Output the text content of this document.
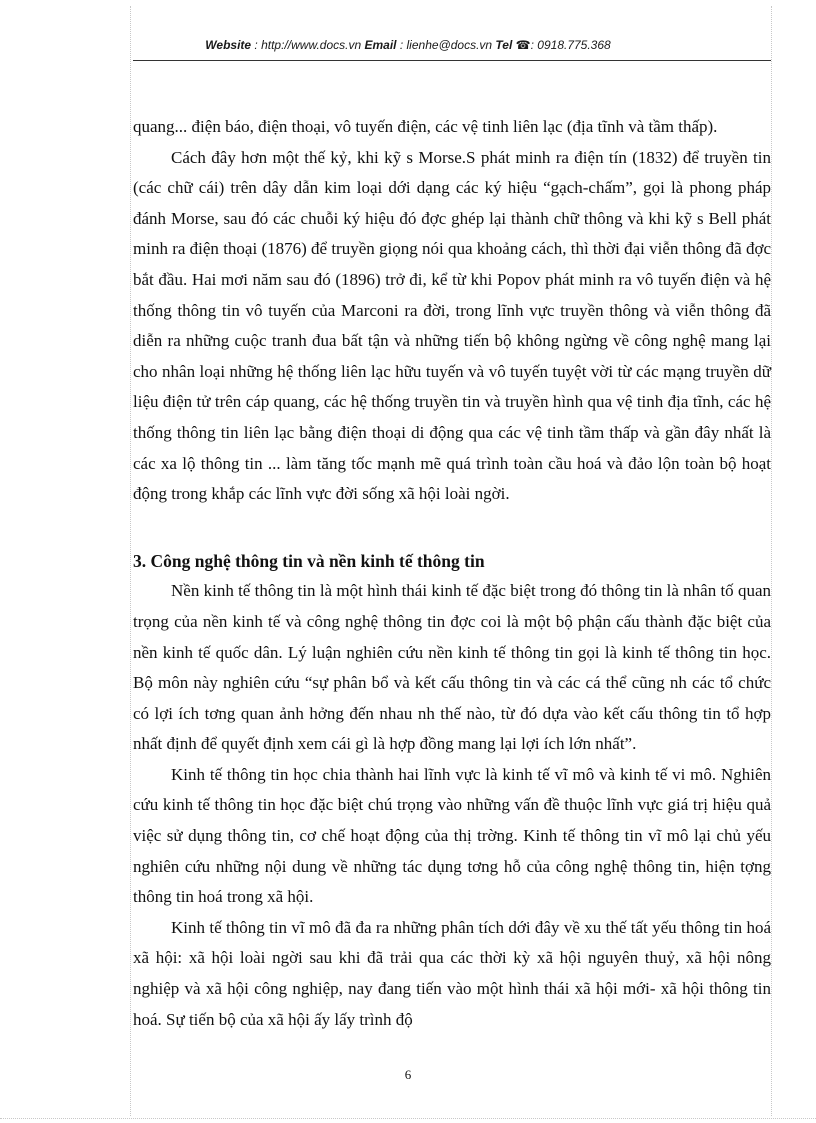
Website : http://www.docs.vn Email : lienhe@docs.vn Tel ☎: 0918.775.368

quang... điện báo, điện thoại, vô tuyến điện, các vệ tinh liên lạc (địa tĩnh và tầm thấp).

Cách đây hơn một thế kỷ, khi kỹ s Morse.S phát minh ra điện tín (1832) để truyền tin (các chữ cái) trên dây dẫn kim loại dới dạng các ký hiệu “gạch-chấm”, gọi là phong pháp đánh Morse, sau đó các chuỗi ký hiệu đó đợc ghép lại thành chữ thông và khi kỹ s Bell phát minh ra điện thoại (1876) để truyền giọng nói qua khoảng cách, thì thời đại viễn thông đã đợc bắt đầu. Hai mơi năm sau đó (1896) trở đi, kể từ khi Popov phát minh ra vô tuyến điện và hệ thống thông tin vô tuyến của Marconi ra đời, trong lĩnh vực truyền thông và viễn thông đã diễn ra những cuộc tranh đua bất tận và những tiến bộ không ngừng về công nghệ mang lại cho nhân loại những hệ thống liên lạc hữu tuyến và vô tuyến tuyệt vời từ các mạng truyền dữ liệu điện tử trên cáp quang, các hệ thống truyền tin và truyền hình qua vệ tinh địa tĩnh, các hệ thống thông tin liên lạc bằng điện thoại di động qua các vệ tinh tầm thấp và gần đây nhất là các xa lộ thông tin ... làm tăng tốc mạnh mẽ quá trình toàn cầu hoá và đảo lộn toàn bộ hoạt động trong khắp các lĩnh vực đời sống xã hội loài ngời.

3. Công nghệ thông tin và nền kinh tế thông tin

Nền kinh tế thông tin là một hình thái kinh tế đặc biệt trong đó thông tin là nhân tố quan trọng của nền kinh tế và công nghệ thông tin đợc coi là một bộ phận cấu thành đặc biệt của nền kinh tế quốc dân. Lý luận nghiên cứu nền kinh tế thông tin gọi là kinh tế thông tin học. Bộ môn này nghiên cứu “sự phân bổ và kết cấu thông tin và các cá thể cũng nh các tổ chức có lợi ích tơng quan ảnh hởng đến nhau nh thế nào, từ đó dựa vào kết cấu thông tin tổ hợp nhất định để quyết định xem cái gì là hợp đồng mang lại lợi ích lớn nhất”.

Kinh tế thông tin học chia thành hai lĩnh vực là kinh tế vĩ mô và kinh tế vi mô. Nghiên cứu kinh tế thông tin học đặc biệt chú trọng vào những vấn đề thuộc lĩnh vực giá trị hiệu quả việc sử dụng thông tin, cơ chế hoạt động của thị trờng. Kinh tế thông tin vĩ mô lại chủ yếu nghiên cứu những nội dung về những tác dụng tơng hỗ của công nghệ thông tin, hiện tợng thông tin hoá trong xã hội.

Kinh tế thông tin vĩ mô đã đa ra những phân tích dới đây về xu thế tất yếu thông tin hoá xã hội: xã hội loài ngời sau khi đã trải qua các thời kỳ xã hội nguyên thuỷ, xã hội nông nghiệp và xã hội công nghiệp, nay đang tiến vào một hình thái xã hội mới- xã hội thông tin hoá. Sự tiến bộ của xã hội ấy lấy trình độ

6
